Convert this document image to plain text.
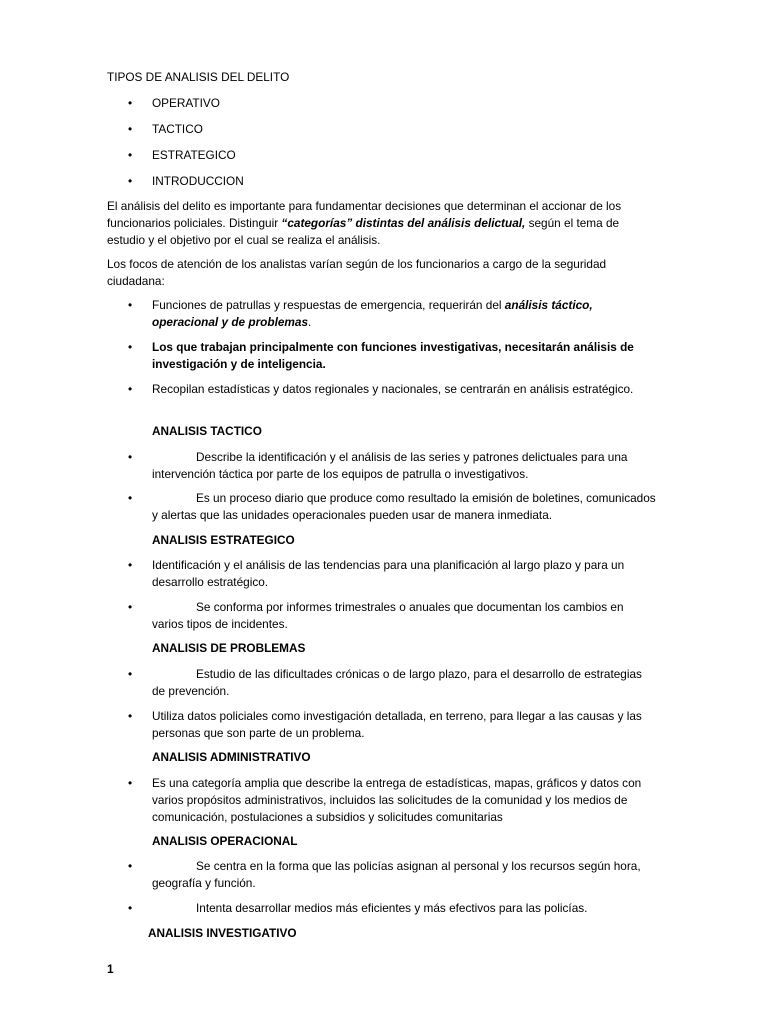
TIPOS DE ANALISIS DEL DELITO
•	OPERATIVO
•	TACTICO
•	ESTRATEGICO
•	INTRODUCCION
El análisis del delito es importante para fundamentar decisiones que determinan el accionar de los funcionarios policiales. Distinguir “categorías” distintas del análisis delictual, según el tema de estudio y el objetivo por el cual se realiza el análisis.
Los focos de atención de los analistas varían según de los funcionarios a cargo de la seguridad ciudadana:
• Funciones de patrullas y respuestas de emergencia, requerirán del análisis táctico, operacional y de problemas.
• Los que trabajan principalmente con funciones investigativas, necesitarán análisis de investigación y de inteligencia.
• Recopilan estadísticas y datos regionales y nacionales, se centrarán en análisis estratégico.
ANALISIS TACTICO
•	Describe la identificación y el análisis de las series y patrones delictuales para una intervención táctica por parte de los equipos de patrulla o investigativos.
•	Es un proceso diario que produce como resultado la emisión de boletines, comunicados y alertas que las unidades operacionales pueden usar de manera inmediata.
ANALISIS ESTRATEGICO
• Identificación y el análisis de las tendencias para una planificación al largo plazo y para un desarrollo estratégico.
•	Se conforma por informes trimestrales o anuales que documentan los cambios en varios tipos de incidentes.
ANALISIS DE PROBLEMAS
•	Estudio de las dificultades crónicas o de largo plazo, para el desarrollo de estrategias de prevención.
• Utiliza datos policiales como investigación detallada, en terreno, para llegar a las causas y las personas que son parte de un problema.
ANALISIS ADMINISTRATIVO
• Es una categoría amplia que describe la entrega de estadísticas, mapas, gráficos y datos con varios propósitos administrativos, incluidos las solicitudes de la comunidad y los medios de comunicación, postulaciones a subsidios y solicitudes comunitarias
ANALISIS OPERACIONAL
•	Se centra en la forma que las policías asignan al personal y los recursos según hora, geografía y función.
•	Intenta desarrollar medios más eficientes y más efectivos para las policías.
ANALISIS INVESTIGATIVO
1
